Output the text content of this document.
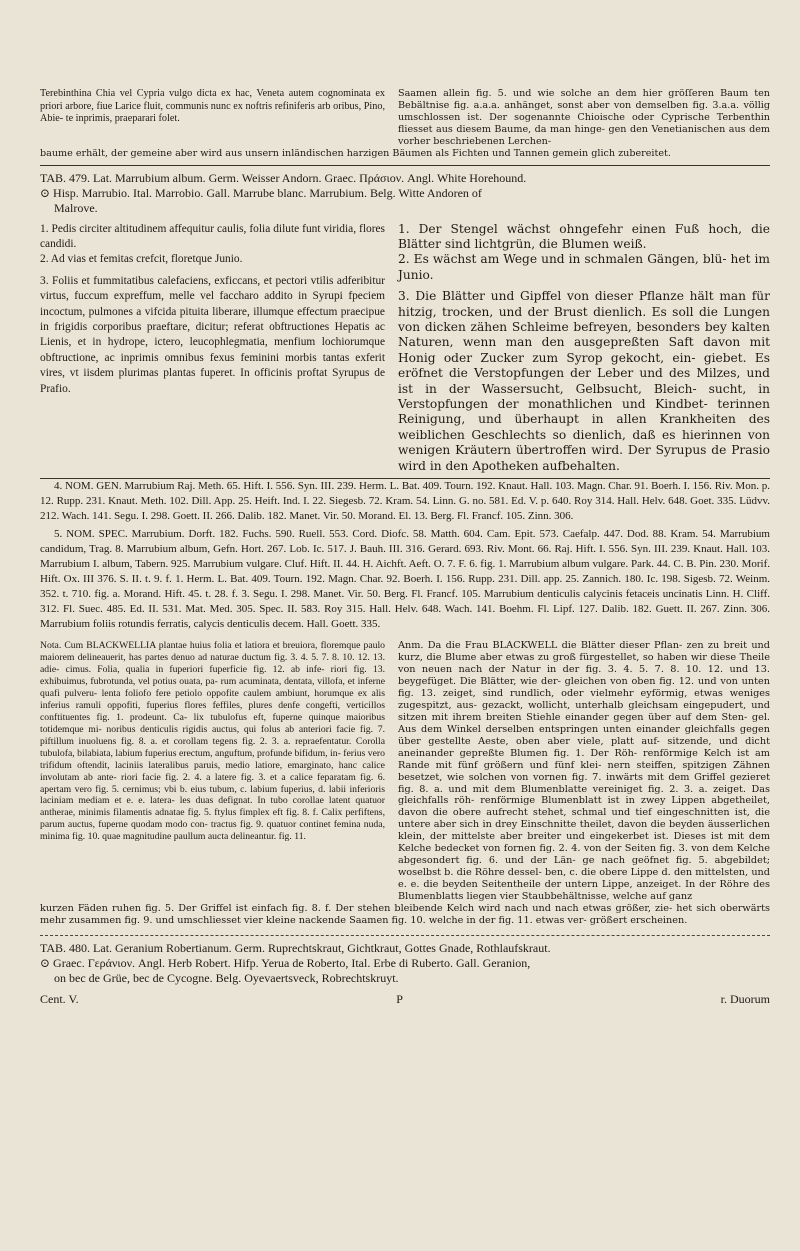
Terebinthina Chia vel Cypria vulgo dicta ex hac, Veneta autem cognominata ex priori arbore, fiue Larice fluit, communis nunc ex noftris refiniferis arb oribus, Pino, Abie- te inprimis, praeparari folet.
Saamen allein fig. 5. und wie solche an dem hier gröſſeren Baum ten Bebältnise fig. a.a.a. anhänget, sonst aber von demselben fig. 3.a.a. völlig umschlossen ist. Der sogenannte Chioische oder Cyprische Terbenthin fliesset aus diesem Baume, da man hinge- gen den Venetianischen aus dem vorher beschriebenen Lerchen-

baume erhält, der gemeine aber wird aus unsern inländischen harzigen Bäumen als Fichten und Tannen gemein glich zubereitet.

TAB. 479. Lat. Marrubium album. Germ. Weisser Andorn. Graec. Πράσιον. Angl. White Horehound.

⊙ Hisp. Marrubio. Ital. Marrobio. Gall. Marrube blanc. Marrubium. Belg. Witte Andoren of

Malrove.

1. Pedis circiter altitudinem affequitur caulis, folia dilute funt viridia, flores candidi.

2. Ad vias et femitas crefcit, floretque Junio.

3. Foliis et fummitatibus calefaciens, exficcans, et pectori vtilis adferibitur virtus, fuccum expreffum, melle vel faccharo addito in Syrupi fpeciem incoctum, pulmones a vifcida pituita liberare, illumque effectum praecipue in frigidis corporibus praeftare, dicitur; referat obftructiones Hepatis ac Lienis, et in hydrope, ictero, leucophlegmatia, menfium lochiorumque obftructione, ac inprimis omnibus fexus feminini morbis tantas exferit vires, vt iisdem plurimas plantas fuperet. In officinis proftat Syrupus de Prafio.

1. Der Stengel wächst ohngefehr einen Fuß hoch, die Blätter sind lichtgrün, die Blumen weiß.

2. Es wächst am Wege und in schmalen Gängen, blü- het im Junio.

3. Die Blätter und Gipffel von dieser Pflanze hält man für hitzig, trocken, und der Brust dienlich. Es soll die Lungen von dicken zähen Schleime befreyen, besonders bey kalten Naturen, wenn man den ausgepreßten Saft davon mit Honig oder Zucker zum Syrop gekocht, ein- giebet. Es eröfnet die Verstopfungen der Leber und des Milzes, und ist in der Wassersucht, Gelbsucht, Bleich- sucht, in Verstopfungen der monathlichen und Kindbet- terinnen Reinigung, und überhaupt in allen Krankheiten des weiblichen Geschlechts so dienlich, daß es hierinnen von wenigen Kräutern übertroffen wird. Der Syrupus de Prasio wird in den Apotheken aufbehalten.

4. NOM. GEN. Marrubium Raj. Meth. 65. Hift. I. 556. Syn. III. 239. Herm. L. Bat. 409. Tourn. 192. Knaut. Hall. 103. Magn. Char. 91. Boerh. I. 156. Riv. Mon. p. 12. Rupp. 231. Knaut. Meth. 102. Dill. App. 25. Heift. Ind. I. 22. Siegesb. 72. Kram. 54. Linn. G. no. 581. Ed. V. p. 640. Roy 314. Hall. Helv. 648. Goet. 335. Lüdvv. 212. Wach. 141. Segu. I. 298. Goett. II. 266. Dalib. 182. Manet. Vir. 50. Morand. El. 13. Berg. Fl. Francf. 105. Zinn. 306.

5. NOM. SPEC. Marrubium. Dorft. 182. Fuchs. 590. Ruell. 553. Cord. Diofc. 58. Matth. 604. Cam. Epit. 573. Caefalp. 447. Dod. 88. Kram. 54. Marrubium candidum, Trag. 8. Marrubium album, Gefn. Hort. 267. Lob. Ic. 517. J. Bauh. III. 316. Gerard. 693. Riv. Mont. 66. Raj. Hift. I. 556. Syn. III. 239. Knaut. Hall. 103. Marrubium I. album, Tabern. 925. Marrubium vulgare. Cluf. Hift. II. 44. H. Aichft. Aeft. O. 7. F. 6. fig. 1. Marrubium album vulgare. Park. 44. C. B. Pin. 230. Morif. Hift. Ox. III 376. S. II. t. 9. f. 1. Herm. L. Bat. 409. Tourn. 192. Magn. Char. 92. Boerh. I. 156. Rupp. 231. Dill. app. 25. Zannich. 180. Ic. 198. Sigesb. 72. Weinm. 352. t. 710. fig. a. Morand. Hift. 45. t. 28. f. 3. Segu. I. 298. Manet. Vir. 50. Berg. Fl. Francf. 105. Marrubium denticulis calycinis fetaceis uncinatis Linn. H. Cliff. 312. Fl. Suec. 485. Ed. II. 531. Mat. Med. 305. Spec. II. 583. Roy 315. Hall. Helv. 648. Wach. 141. Boehm. Fl. Lipf. 127. Dalib. 182. Guett. II. 267. Zinn. 306. Marrubium foliis rotundis ferratis, calycis denticulis decem. Hall. Goett. 335.

Nota. Cum BLACKWELLIA plantae huius folia et latiora et breuiora, floremque paulo maiorem delineauerit, has partes denuo ad naturae ductum fig. 3. 4. 5. 7. 8. 10. 12. 13. adie- cimus. Folia, qualia in fuperiori fuperficie fig. 12. ab infe- riori fig. 13. exhibuimus, fubrotunda, vel potius ouata, pa- rum acuminata, dentata, villofa, et inferne quafi pulveru- lenta foliofo fere petiolo oppofite caulem ambiunt, horumque ex alis inferius ramuli oppofiti, fuperius flores feffiles, plures denfe congefti, verticillos conftituentes fig. 1. prodeunt. Ca- lix tubulofus eft, fuperne quinque maioribus totidemque mi- noribus denticulis rigidis auctus, qui folus ab anteriori facie fig. 7. piftillum inuoluens fig. 8. a. et corollam tegens fig. 2. 3. a. repraefentatur. Corolla tubulofa, bilabiata, labium fuperius erectum, anguftum, profunde bifidum, in- ferius vero trifidum oftendit, laciniis lateralibus paruis, medio latiore, emarginato, hanc calice involutam ab ante- riori facie fig. 2. 4. a latere fig. 3. et a calice feparatam fig. 6. apertam vero fig. 5. cernimus; vbi b. eius tubum, c. labium fuperius, d. labii inferioris laciniam mediam et e. e. latera- les duas defignat. In tubo corollae latent quatuor antherae, minimis filamentis adnatae fig. 5. ftylus fimplex eft fig. 8. f. Calix perfiftens, parum auctus, fuperne quodam modo con- tractus fig. 9. quatuor continet femina nuda, minima fig. 10. quae magnitudine paullum aucta delineantur. fig. 11.
Anm. Da die Frau BLACKWELL die Blätter dieser Pflan- zen zu breit und kurz, die Blume aber etwas zu groß fürgestellet, so haben wir diese Theile von neuen nach der Natur in der fig. 3. 4. 5. 7. 8. 10. 12. und 13. beygefüget. Die Blätter, wie der- gleichen von oben fig. 12. und von unten fig. 13. zeiget, sind rundlich, oder vielmehr eyförmig, etwas weniges zugespitzt, aus- gezackt, wollicht, unterhalb gleichsam eingepudert, und sitzen mit ihrem breiten Stiehle einander gegen über auf dem Sten- gel. Aus dem Winkel derselben entspringen unten einander gleichfalls gegen über gestellte Aeste, oben aber viele, platt auf- sitzende, und dicht aneinander gepreßte Blumen fig. 1. Der Röh- renförmige Kelch ist am Rande mit fünf größern und fünf klei- nern steiffen, spitzigen Zähnen besetzet, wie solchen von vornen fig. 7. inwärts mit dem Griffel gezieret fig. 8. a. und mit dem Blumenblatte vereiniget fig. 2. 3. a. zeiget. Das gleichfalls röh- renförmige Blumenblatt ist in zwey Lippen abgetheilet, davon die obere aufrecht stehet, schmal und tief eingeschnitten ist, die untere aber sich in drey Einschnitte theilet, davon die beyden äusserlichen klein, der mittelste aber breiter und eingekerbet ist. Dieses ist mit dem Kelche bedecket von fornen fig. 2. 4. von der Seiten fig. 3. von dem Kelche abgesondert fig. 6. und der Län- ge nach geöfnet fig. 5. abgebildet; woselbst b. die Röhre dessel- ben, c. die obere Lippe d. den mittelsten, und e. e. die beyden Seitentheile der untern Lippe, anzeiget. In der Röhre des Blumenblatts liegen vier Staubbehältnisse, welche auf ganz

kurzen Fäden ruhen fig. 5. Der Griffel ist einfach fig. 8. f. Der stehen bleibende Kelch wird nach und nach etwas größer, zie- het sich oberwärts mehr zusammen fig. 9. und umschliesset vier kleine nackende Saamen fig. 10. welche in der fig. 11. etwas ver- größert erscheinen.

TAB. 480. Lat. Geranium Robertianum. Germ. Ruprechtskraut, Gichtkraut, Gottes Gnade, Rothlaufskraut.

⊙ Graec. Γεράνιον. Angl. Herb Robert. Hifp. Yerua de Roberto, Ital. Erbe di Ruberto. Gall. Geranion,

on bec de Grüe, bec de Cycogne. Belg. Oyevaertsveck, Robrechtskruyt.

Cent. V.	P	r. Duorum
